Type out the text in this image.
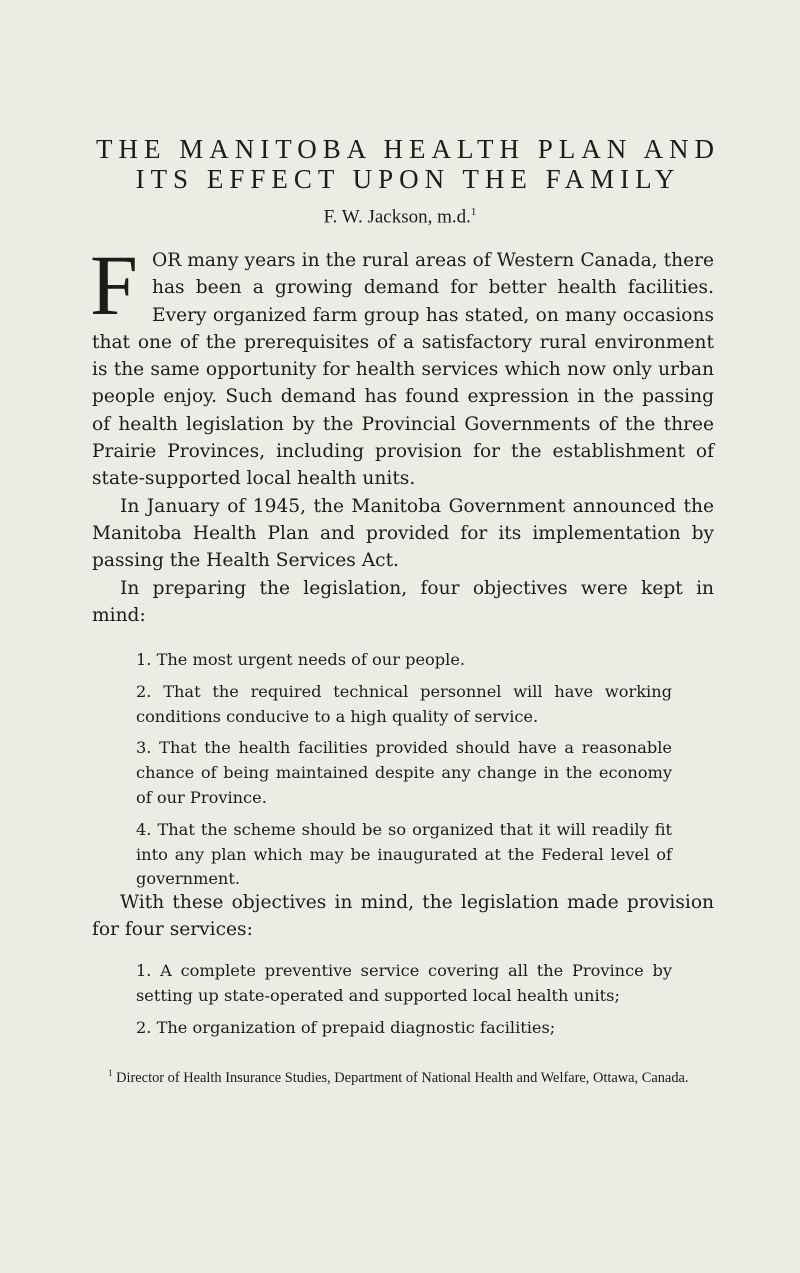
THE MANITOBA HEALTH PLAN AND
ITS EFFECT UPON THE FAMILY
F. W. Jackson, m.d.$^1$

FOR many years in the rural areas of Western Canada, there has been a growing demand for better health facilities. Every organized farm group has stated, on many occasions that one of the prerequisites of a satisfactory rural environment is the same opportunity for health services which now only urban people enjoy. Such demand has found expression in the passing of health legislation by the Provincial Governments of the three Prairie Provinces, including provision for the establishment of state-supported local health units.

In January of 1945, the Manitoba Government announced the Manitoba Health Plan and provided for its implementation by passing the Health Services Act.

In preparing the legislation, four objectives were kept in mind:

1. The most urgent needs of our people.

2. That the required technical personnel will have working conditions conducive to a high quality of service.

3. That the health facilities provided should have a reasonable chance of being maintained despite any change in the economy of our Province.

4. That the scheme should be so organized that it will readily fit into any plan which may be inaugurated at the Federal level of government.

With these objectives in mind, the legislation made provision for four services:

1. A complete preventive service covering all the Province by setting up state-operated and supported local health units;

2. The organization of prepaid diagnostic facilities;

$^1$ Director of Health Insurance Studies, Department of National Health and Welfare, Ottawa, Canada.
